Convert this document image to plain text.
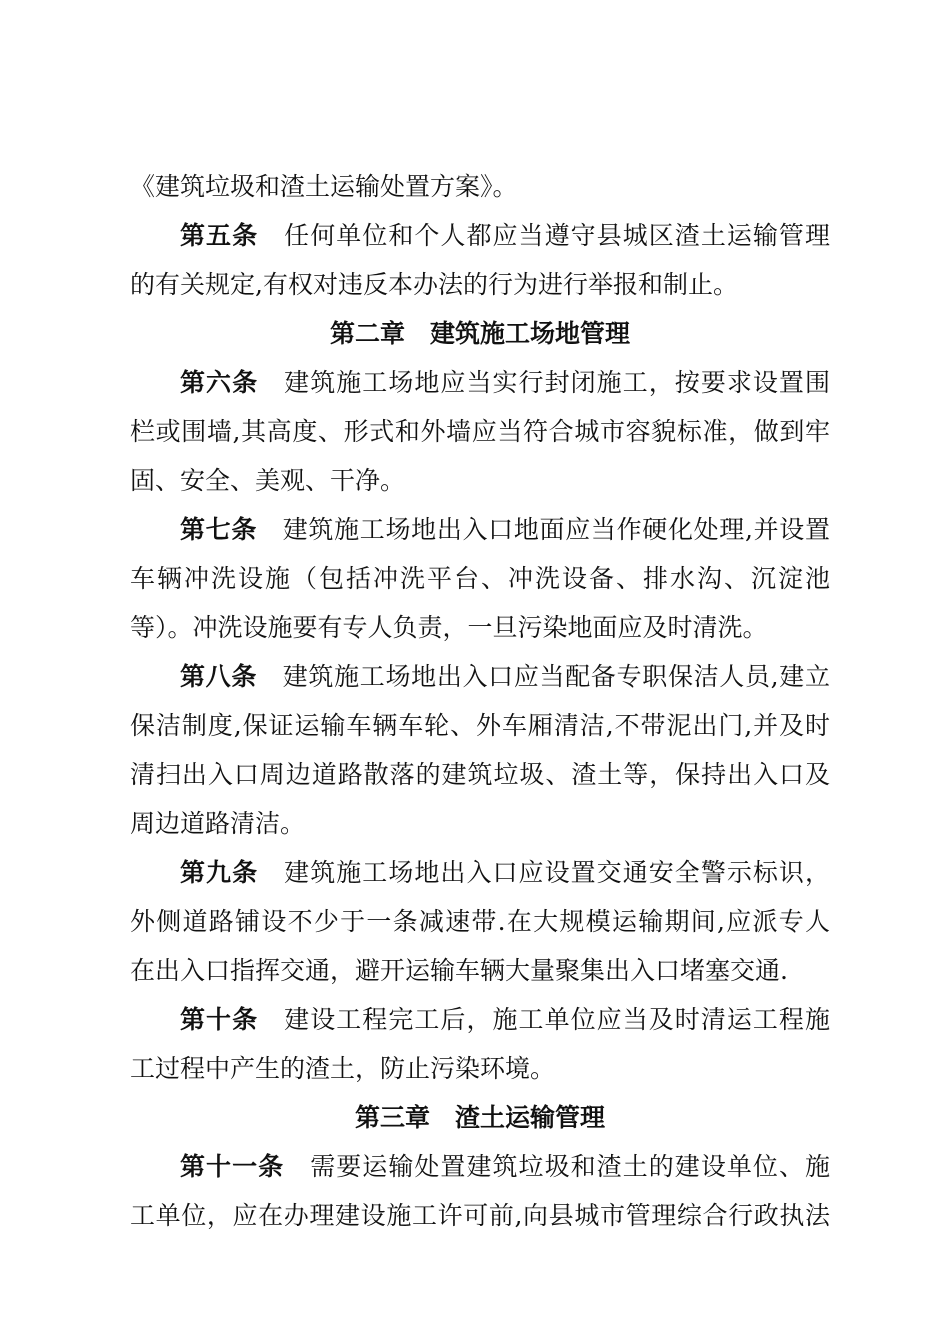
《建筑垃圾和渣土运输处置方案》。
第五条 任何单位和个人都应当遵守县城区渣土运输管理
的有关规定,有权对违反本办法的行为进行举报和制止。
第二章 建筑施工场地管理
第六条 建筑施工场地应当实行封闭施工，按要求设置围
栏或围墙,其高度、形式和外墙应当符合城市容貌标准，做到牢
固、安全、美观、干净。
第七条 建筑施工场地出入口地面应当作硬化处理,并设置
车辆冲洗设施（包括冲洗平台、冲洗设备、排水沟、沉淀池
等）。冲洗设施要有专人负责，一旦污染地面应及时清洗。
第八条 建筑施工场地出入口应当配备专职保洁人员,建立
保洁制度,保证运输车辆车轮、外车厢清洁,不带泥出门,并及时
清扫出入口周边道路散落的建筑垃圾、渣土等，保持出入口及
周边道路清洁。
第九条 建筑施工场地出入口应设置交通安全警示标识，
外侧道路铺设不少于一条减速带.在大规模运输期间,应派专人
在出入口指挥交通，避开运输车辆大量聚集出入口堵塞交通.
第十条 建设工程完工后，施工单位应当及时清运工程施
工过程中产生的渣土，防止污染环境。
第三章 渣土运输管理
第十一条 需要运输处置建筑垃圾和渣土的建设单位、施
工单位，应在办理建设施工许可前,向县城市管理综合行政执法
